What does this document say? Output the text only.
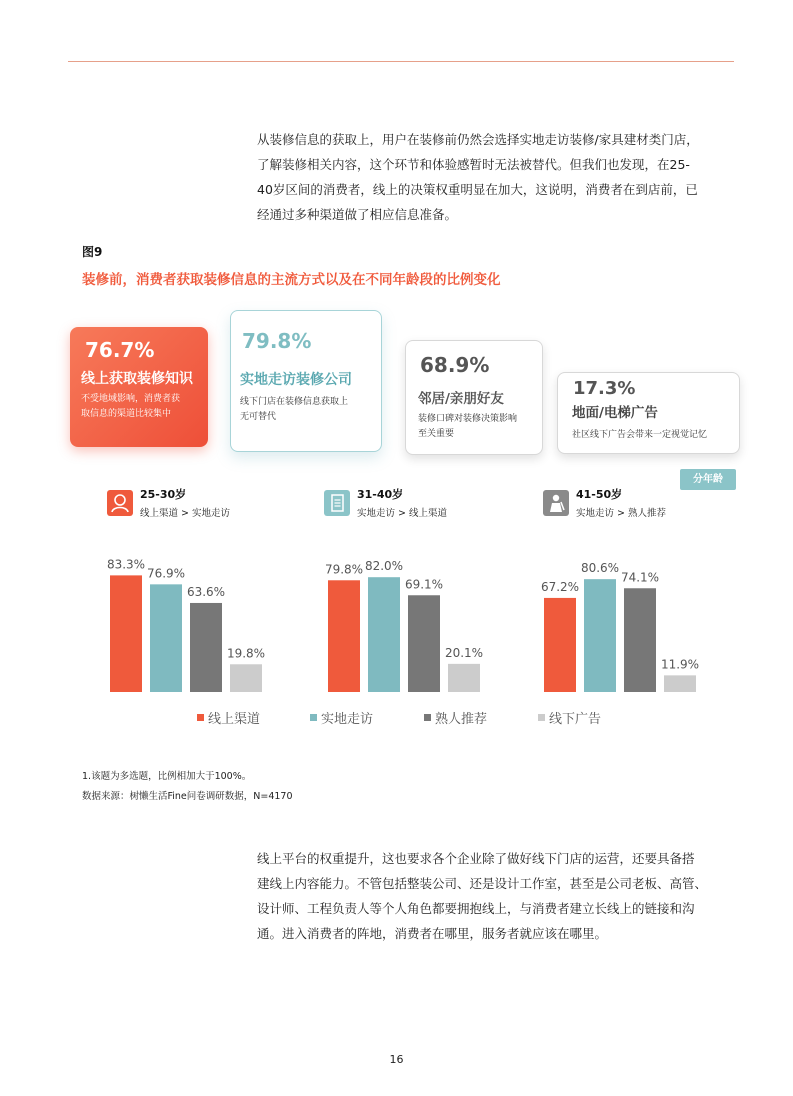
从装修信息的获取上，用户在装修前仍然会选择实地走访装修/家具建材类门店，

了解装修相关内容，这个环节和体验感暂时无法被替代。但我们也发现，在25-

40岁区间的消费者，线上的决策权重明显在加大，这说明，消费者在到店前，已

经通过多种渠道做了相应信息准备。

图9
装修前，消费者获取装修信息的主流方式以及在不同年龄段的比例变化
76.7%
线上获取装修知识
不受地域影响，消费者获
取信息的渠道比较集中
79.8%
实地走访装修公司
线下门店在装修信息获取上
无可替代
68.9%
邻居/亲朋好友
装修口碑对装修决策影响
至关重要
17.3%
地面/电梯广告
社区线下广告会带来一定视觉记忆
分年龄
25-30岁
线上渠道 > 实地走访
31-40岁
实地走访 > 线上渠道
41-50岁
实地走访 > 熟人推荐
83.3%
76.9%
63.6%
19.8%
79.8% 82.0%
69.1%
20.1%
67.2%
80.6%
74.1%
11.9%
线上渠道	实地走访	熟人推荐	线下广告
1.该题为多选题，比例相加大于100%。
数据来源：树懒生活Fine问卷调研数据，N=4170

线上平台的权重提升，这也要求各个企业除了做好线下门店的运营，还要具备搭

建线上内容能力。不管包括整装公司、还是设计工作室，甚至是公司老板、高管、

设计师、工程负责人等个人角色都要拥抱线上，与消费者建立长线上的链接和沟

通。进入消费者的阵地，消费者在哪里，服务者就应该在哪里。

16
